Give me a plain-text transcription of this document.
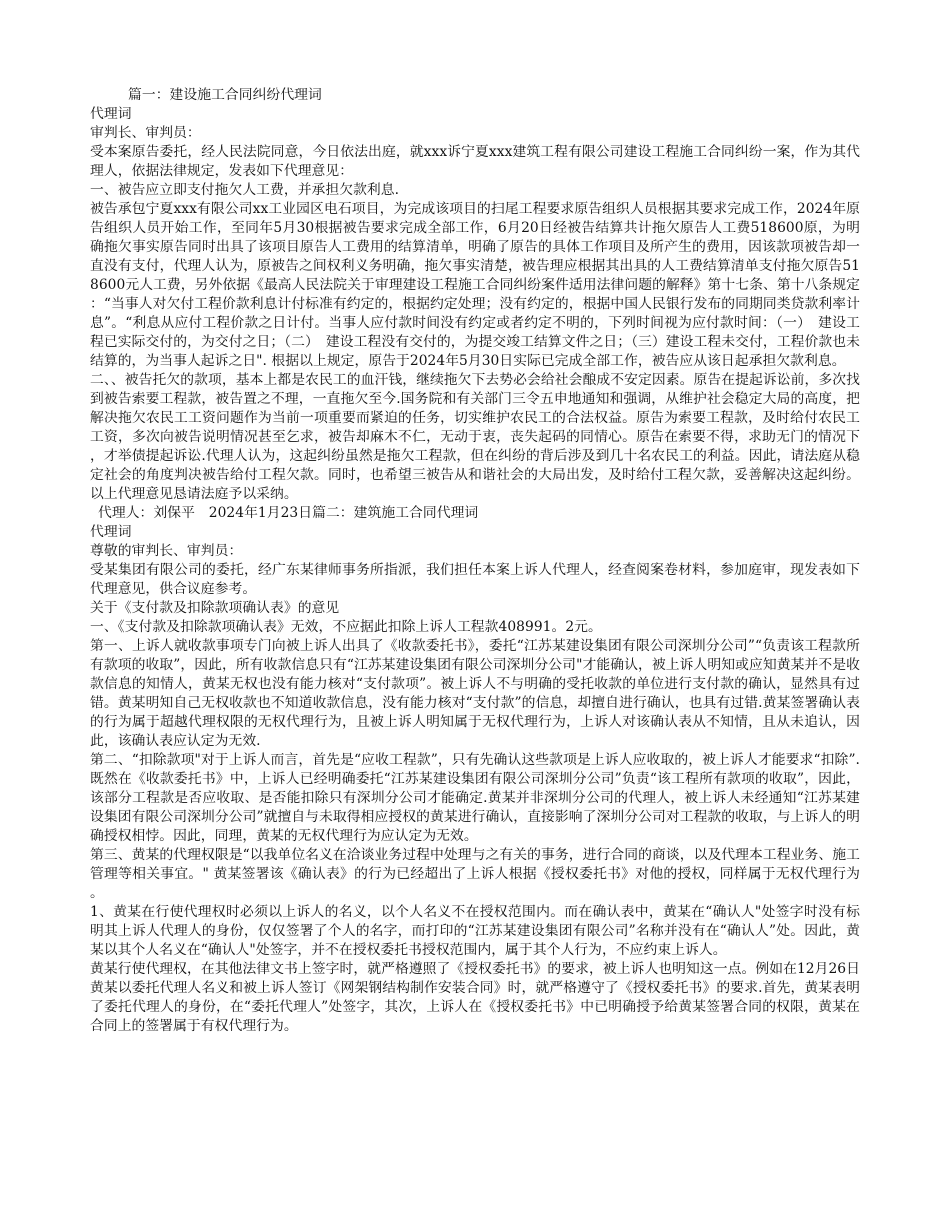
篇一：建设施工合同纠纷代理词

代理词

审判长、审判员：

受本案原告委托，经人民法院同意，今日依法出庭，就xxx诉宁夏xxx建筑工程有限公司建设工程施工合同纠纷一案，作为其代理人，依据法律规定，发表如下代理意见：

一、被告应立即支付拖欠人工费，并承担欠款利息.

被告承包宁夏xxx有限公司xx工业园区电石项目，为完成该项目的扫尾工程要求原告组织人员根据其要求完成工作，2024年原告组织人员开始工作，至同年5月30根据被告要求完成全部工作，6月20日经被告结算共计拖欠原告人工费518600原，为明确拖欠事实原告同时出具了该项目原告人工费用的结算清单，明确了原告的具体工作项目及所产生的费用，因该款项被告却一直没有支付，代理人认为，原被告之间权利义务明确，拖欠事实清楚，被告理应根据其出具的人工费结算清单支付拖欠原告518600元人工费，另外依据《最高人民法院关于审理建设工程施工合同纠纷案件适用法律问题的解释》第十七条、第十八条规定：“当事人对欠付工程价款利息计付标准有约定的，根据约定处理；没有约定的，根据中国人民银行发布的同期同类贷款利率计息”。“利息从应付工程价款之日计付。当事人应付款时间没有约定或者约定不明的，下列时间视为应付款时间：（一）　建设工程已实际交付的，为交付之日；（二）　建设工程没有交付的，为提交竣工结算文件之日；（三）建设工程未交付，工程价款也未结算的，为当事人起诉之日". 根据以上规定，原告于2024年5月30日实际已完成全部工作，被告应从该日起承担欠款利息。

二、、被告托欠的款项，基本上都是农民工的血汗钱，继续拖欠下去势必会给社会酿成不安定因素。原告在提起诉讼前，多次找到被告索要工程款，被告置之不理，一直拖欠至今.国务院和有关部门三令五申地通知和强调，从维护社会稳定大局的高度，把解决拖欠农民工工资问题作为当前一项重要而紧迫的任务，切实维护农民工的合法权益。原告为索要工程款，及时给付农民工工资，多次向被告说明情况甚至乞求，被告却麻木不仁，无动于衷，丧失起码的同情心。原告在索要不得，求助无门的情况下，才举债提起诉讼.代理人认为，这起纠纷虽然是拖欠工程款，但在纠纷的背后涉及到几十名农民工的利益。因此，请法庭从稳定社会的角度判决被告给付工程欠款。同时，也希望三被告从和谐社会的大局出发，及时给付工程欠款，妥善解决这起纠纷。以上代理意见恳请法庭予以采纳。

代理人：刘保平　2024年1月23日篇二：建筑施工合同代理词

代理词

尊敬的审判长、审判员：

受某集团有限公司的委托，经广东某律师事务所指派，我们担任本案上诉人代理人，经查阅案卷材料，参加庭审，现发表如下代理意见，供合议庭参考。

关于《支付款及扣除款项确认表》的意见

一、《支付款及扣除款项确认表》无效，不应据此扣除上诉人工程款408991。2元。

第一、上诉人就收款事项专门向被上诉人出具了《收款委托书》，委托“江苏某建设集团有限公司深圳分公司”“负责该工程款所有款项的收取”，因此，所有收款信息只有“江苏某建设集团有限公司深圳分公司"才能确认，被上诉人明知或应知黄某并不是收款信息的知情人，黄某无权也没有能力核对“支付款项”。被上诉人不与明确的受托收款的单位进行支付款的确认，显然具有过错。黄某明知自己无权收款也不知道收款信息，没有能力核对“支付款”的信息，却擅自进行确认，也具有过错.黄某签署确认表的行为属于超越代理权限的无权代理行为，且被上诉人明知属于无权代理行为，上诉人对该确认表从不知情，且从未追认，因此，该确认表应认定为无效.

第二、“扣除款项"对于上诉人而言，首先是“应收工程款”，只有先确认这些款项是上诉人应收取的，被上诉人才能要求“扣除”.既然在《收款委托书》中，上诉人已经明确委托“江苏某建设集团有限公司深圳分公司”负责“该工程所有款项的收取”，因此，该部分工程款是否应收取、是否能扣除只有深圳分公司才能确定.黄某并非深圳分公司的代理人，被上诉人未经通知“江苏某建设集团有限公司深圳分公司”就擅自与未取得相应授权的黄某进行确认，直接影响了深圳分公司对工程款的收取，与上诉人的明确授权相悖。因此，同理，黄某的无权代理行为应认定为无效。

第三、黄某的代理权限是“以我单位名义在洽谈业务过程中处理与之有关的事务，进行合同的商谈，以及代理本工程业务、施工管理等相关事宜。" 黄某签署该《确认表》的行为已经超出了上诉人根据《授权委托书》对他的授权，同样属于无权代理行为。

1、黄某在行使代理权时必须以上诉人的名义，以个人名义不在授权范围内。而在确认表中，黄某在“确认人"处签字时没有标明其上诉人代理人的身份，仅仅签署了个人的名字，而打印的“江苏某建设集团有限公司”名称并没有在“确认人”处。因此，黄某以其个人名义在“确认人"处签字，并不在授权委托书授权范围内，属于其个人行为，不应约束上诉人。

黄某行使代理权，在其他法律文书上签字时，就严格遵照了《授权委托书》的要求，被上诉人也明知这一点。例如在12月26日黄某以委托代理人名义和被上诉人签订《网架钢结构制作安装合同》时，就严格遵守了《授权委托书》的要求.首先，黄某表明了委托代理人的身份，在“委托代理人”处签字，其次，上诉人在《授权委托书》中已明确授予给黄某签署合同的权限，黄某在合同上的签署属于有权代理行为。
